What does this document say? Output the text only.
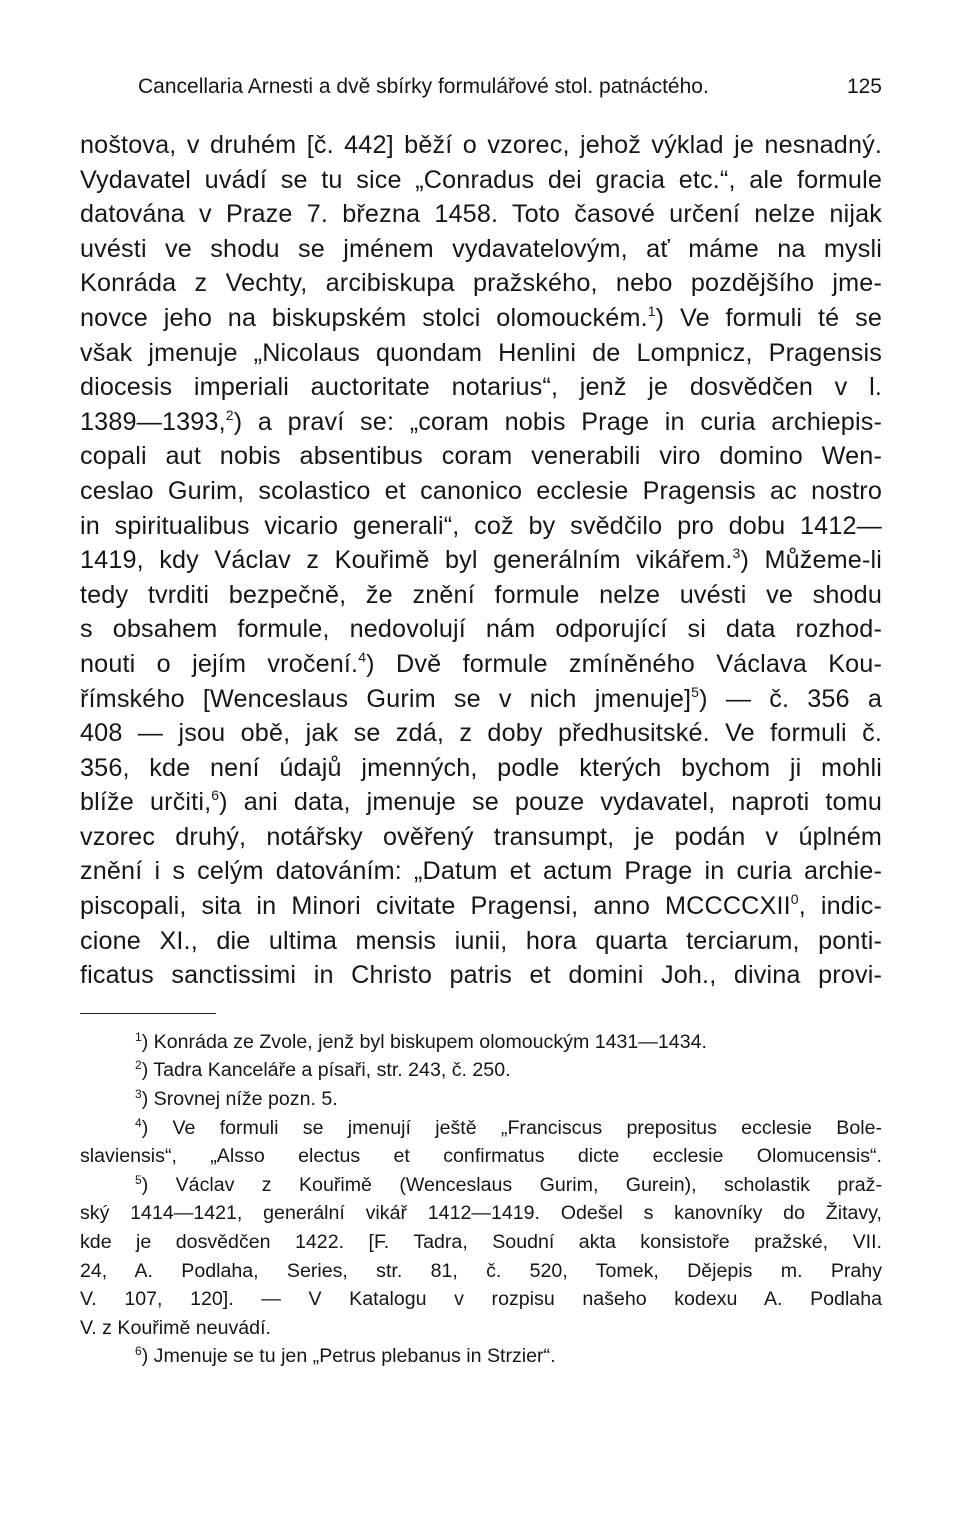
Cancellaria Arnesti a dvě sbírky formulářové stol. patnáctého.	125
noštova, v druhém [č. 442] běží o vzorec, jehož výklad je nesnadný.
Vydavatel uvádí se tu sice „Conradus dei gracia etc.“, ale formule
datována v Praze 7. března 1458. Toto časové určení nelze nijak
uvésti ve shodu se jménem vydavatelovým, ať máme na mysli
Konráda z Vechty, arcibiskupa pražského, nebo pozdějšího jme-
novce jeho na biskupském stolci olomouckém.$^1$) Ve formuli té se
však jmenuje „Nicolaus quondam Henlini de Lompnicz, Pragensis
diocesis imperiali auctoritate notarius“, jenž je dosvědčen v l.
1389—1393,$^2$) a praví se: „coram nobis Prage in curia archiepis-
copali aut nobis absentibus coram venerabili viro domino Wen-
ceslao Gurim, scolastico et canonico ecclesie Pragensis ac nostro
in spiritualibus vicario generali“, což by svědčilo pro dobu 1412—
1419, kdy Václav z Kouřimě byl generálním vikářem.$^3$) Můžeme-li
tedy tvrditi bezpečně, že znění formule nelze uvésti ve shodu
s obsahem formule, nedovolují nám odporující si data rozhod-
nouti o jejím vročení.$^4$) Dvě formule zmíněného Václava Kou-
římského [Wenceslaus Gurim se v nich jmenuje]$^5$) — č. 356 a
408 — jsou obě, jak se zdá, z doby předhusitské. Ve formuli č.
356, kde není údajů jmenných, podle kterých bychom ji mohli
blíže určiti,$^6$) ani data, jmenuje se pouze vydavatel, naproti tomu
vzorec druhý, notářsky ověřený transumpt, je podán v úplném
znění i s celým datováním: „Datum et actum Prage in curia archie-
piscopali, sita in Minori civitate Pragensi, anno MCCCCXII$^0$, indic-
cione XI., die ultima mensis iunii, hora quarta terciarum, ponti-
ficatus sanctissimi in Christo patris et domini Joh., divina provi-
$^1$) Konráda ze Zvole, jenž byl biskupem olomouckým 1431—1434.
$^2$) Tadra Kanceláře a písaři, str. 243, č. 250.
$^3$) Srovnej níže pozn. 5.
$^4$) Ve formuli se jmenují ještě „Franciscus prepositus ecclesie Bole-
slaviensis“, „Alsso electus et confirmatus dicte ecclesie Olomucensis“.
$^5$) Václav z Kouřimě (Wenceslaus Gurim, Gurein), scholastik praž-
ský 1414—1421, generální vikář 1412—1419. Odešel s kanovníky do Žitavy,
kde je dosvědčen 1422. [F. Tadra, Soudní akta konsistoře pražské, VII.
24, A. Podlaha, Series, str. 81, č. 520, Tomek, Dějepis m. Prahy
V. 107, 120]. — V Katalogu v rozpisu našeho kodexu A. Podlaha
V. z Kouřimě neuvádí.
$^6$) Jmenuje se tu jen „Petrus plebanus in Strzier“.
